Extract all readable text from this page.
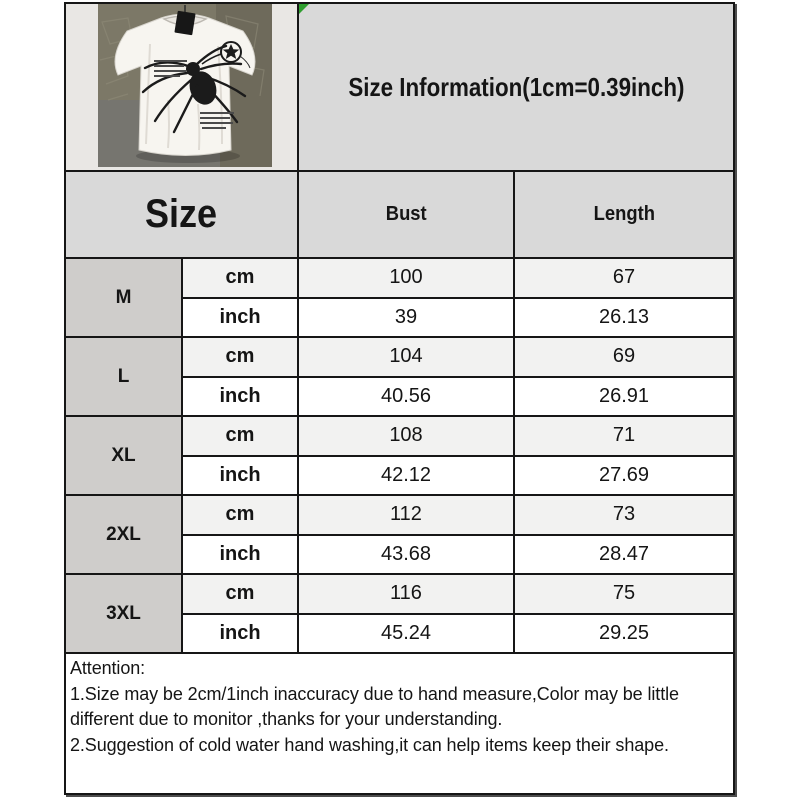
Size Information(1cm=0.39inch)
Size	Bust	Length
M
cm	100	67
inch	39	26.13
L
cm	104	69
inch	40.56	26.91
XL
cm	108	71
inch	42.12	27.69
2XL
cm	112	73
inch	43.68	28.47
3XL
cm	116	75
inch	45.24	29.25
Attention:
1.Size may be 2cm/1inch inaccuracy due to hand measure,Color may be little different due to monitor ,thanks for your understanding.
2.Suggestion of cold water hand washing,it can help items keep their shape.
